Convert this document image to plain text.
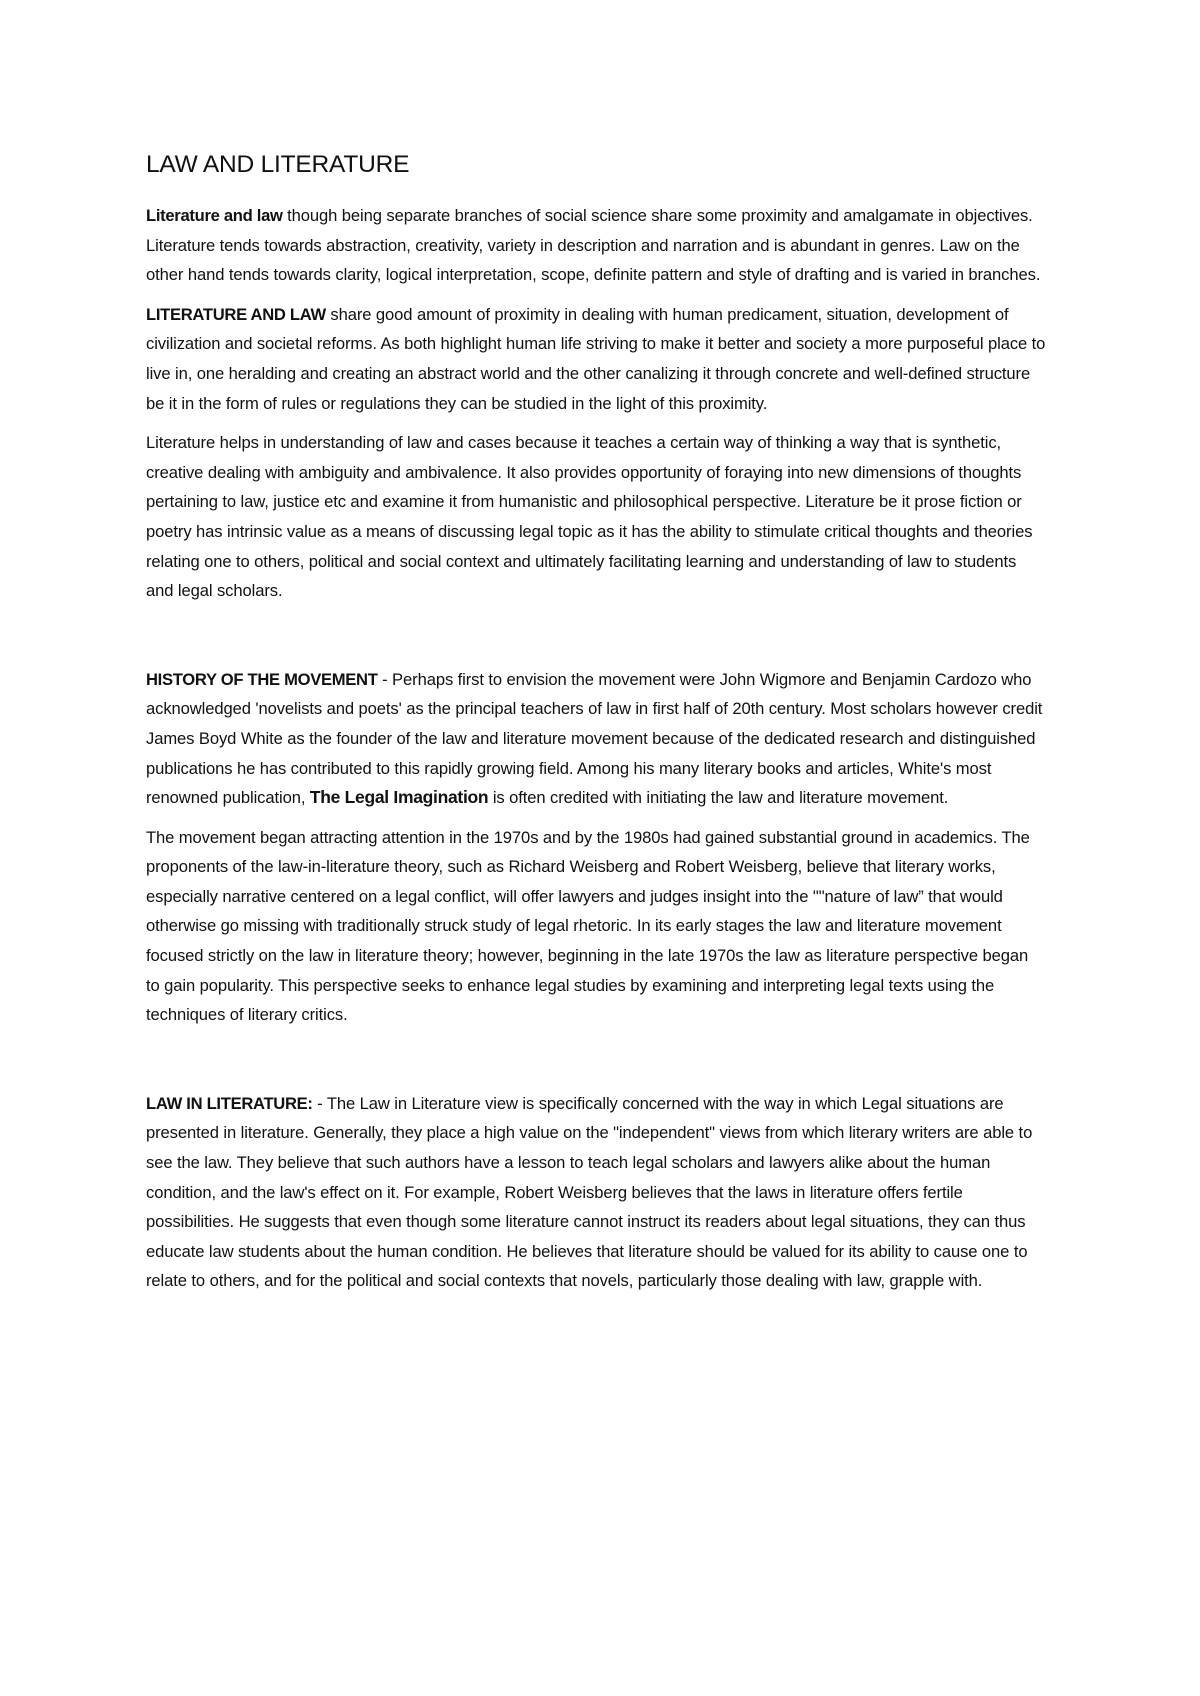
LAW AND LITERATURE

Literature and law though being separate branches of social science share some proximity and amalgamate in objectives. Literature tends towards abstraction, creativity, variety in description and narration and is abundant in genres. Law on the other hand tends towards clarity, logical interpretation, scope, definite pattern and style of drafting and is varied in branches.

LITERATURE AND LAW share good amount of proximity in dealing with human predicament, situation, development of civilization and societal reforms. As both highlight human life striving to make it better and society a more purposeful place to live in, one heralding and creating an abstract world and the other canalizing it through concrete and well-defined structure be it in the form of rules or regulations they can be studied in the light of this proximity.

Literature helps in understanding of law and cases because it teaches a certain way of thinking a way that is synthetic, creative dealing with ambiguity and ambivalence. It also provides opportunity of foraying into new dimensions of thoughts pertaining to law, justice etc and examine it from humanistic and philosophical perspective. Literature be it prose fiction or poetry has intrinsic value as a means of discussing legal topic as it has the ability to stimulate critical thoughts and theories relating one to others, political and social context and ultimately facilitating learning and understanding of law to students and legal scholars.

HISTORY OF THE MOVEMENT - Perhaps first to envision the movement were John Wigmore and Benjamin Cardozo who acknowledged 'novelists and poets' as the principal teachers of law in first half of 20th century. Most scholars however credit James Boyd White as the founder of the law and literature movement because of the dedicated research and distinguished publications he has contributed to this rapidly growing field. Among his many literary books and articles, White's most renowned publication, The Legal Imagination is often credited with initiating the law and literature movement.

The movement began attracting attention in the 1970s and by the 1980s had gained substantial ground in academics. The proponents of the law-in-literature theory, such as Richard Weisberg and Robert Weisberg, believe that literary works, especially narrative centered on a legal conflict, will offer lawyers and judges insight into the ""nature of law” that would otherwise go missing with traditionally struck study of legal rhetoric. In its early stages the law and literature movement focused strictly on the law in literature theory; however, beginning in the late 1970s the law as literature perspective began to gain popularity. This perspective seeks to enhance legal studies by examining and interpreting legal texts using the techniques of literary critics.

LAW IN LITERATURE: - The Law in Literature view is specifically concerned with the way in which Legal situations are presented in literature. Generally, they place a high value on the "independent" views from which literary writers are able to see the law. They believe that such authors have a lesson to teach legal scholars and lawyers alike about the human condition, and the law's effect on it. For example, Robert Weisberg believes that the laws in literature offers fertile possibilities. He suggests that even though some literature cannot instruct its readers about legal situations, they can thus educate law students about the human condition. He believes that literature should be valued for its ability to cause one to relate to others, and for the political and social contexts that novels, particularly those dealing with law, grapple with.
